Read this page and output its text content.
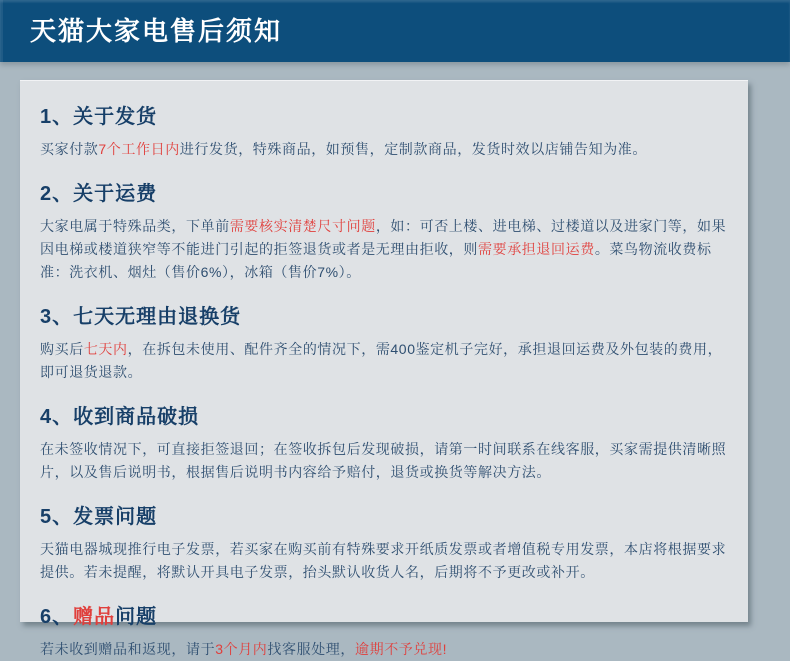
天猫大家电售后须知
1、关于发货

买家付款7个工作日内进行发货，特殊商品，如预售，定制款商品，发货时效以店铺告知为准。

2、关于运费

大家电属于特殊品类，下单前需要核实清楚尺寸问题，如：可否上楼、进电梯、过楼道以及进家门等，如果因电梯或楼道狭窄等不能进门引起的拒签退货或者是无理由拒收，则需要承担退回运费。菜鸟物流收费标准：洗衣机、烟灶（售价6%），冰箱（售价7%）。

3、七天无理由退换货

购买后七天内，在拆包未使用、配件齐全的情况下，需400鉴定机子完好，承担退回运费及外包装的费用，即可退货退款。

4、收到商品破损

在未签收情况下，可直接拒签退回；在签收拆包后发现破损，请第一时间联系在线客服，买家需提供清晰照片，以及售后说明书，根据售后说明书内容给予赔付，退货或换货等解决方法。

5、发票问题

天猫电器城现推行电子发票，若买家在购买前有特殊要求开纸质发票或者增值税专用发票，本店将根据要求提供。若未提醒，将默认开具电子发票，抬头默认收货人名，后期将不予更改或补开。

6、赠品问题

若未收到赠品和返现，请于3个月内找客服处理，逾期不予兑现!
